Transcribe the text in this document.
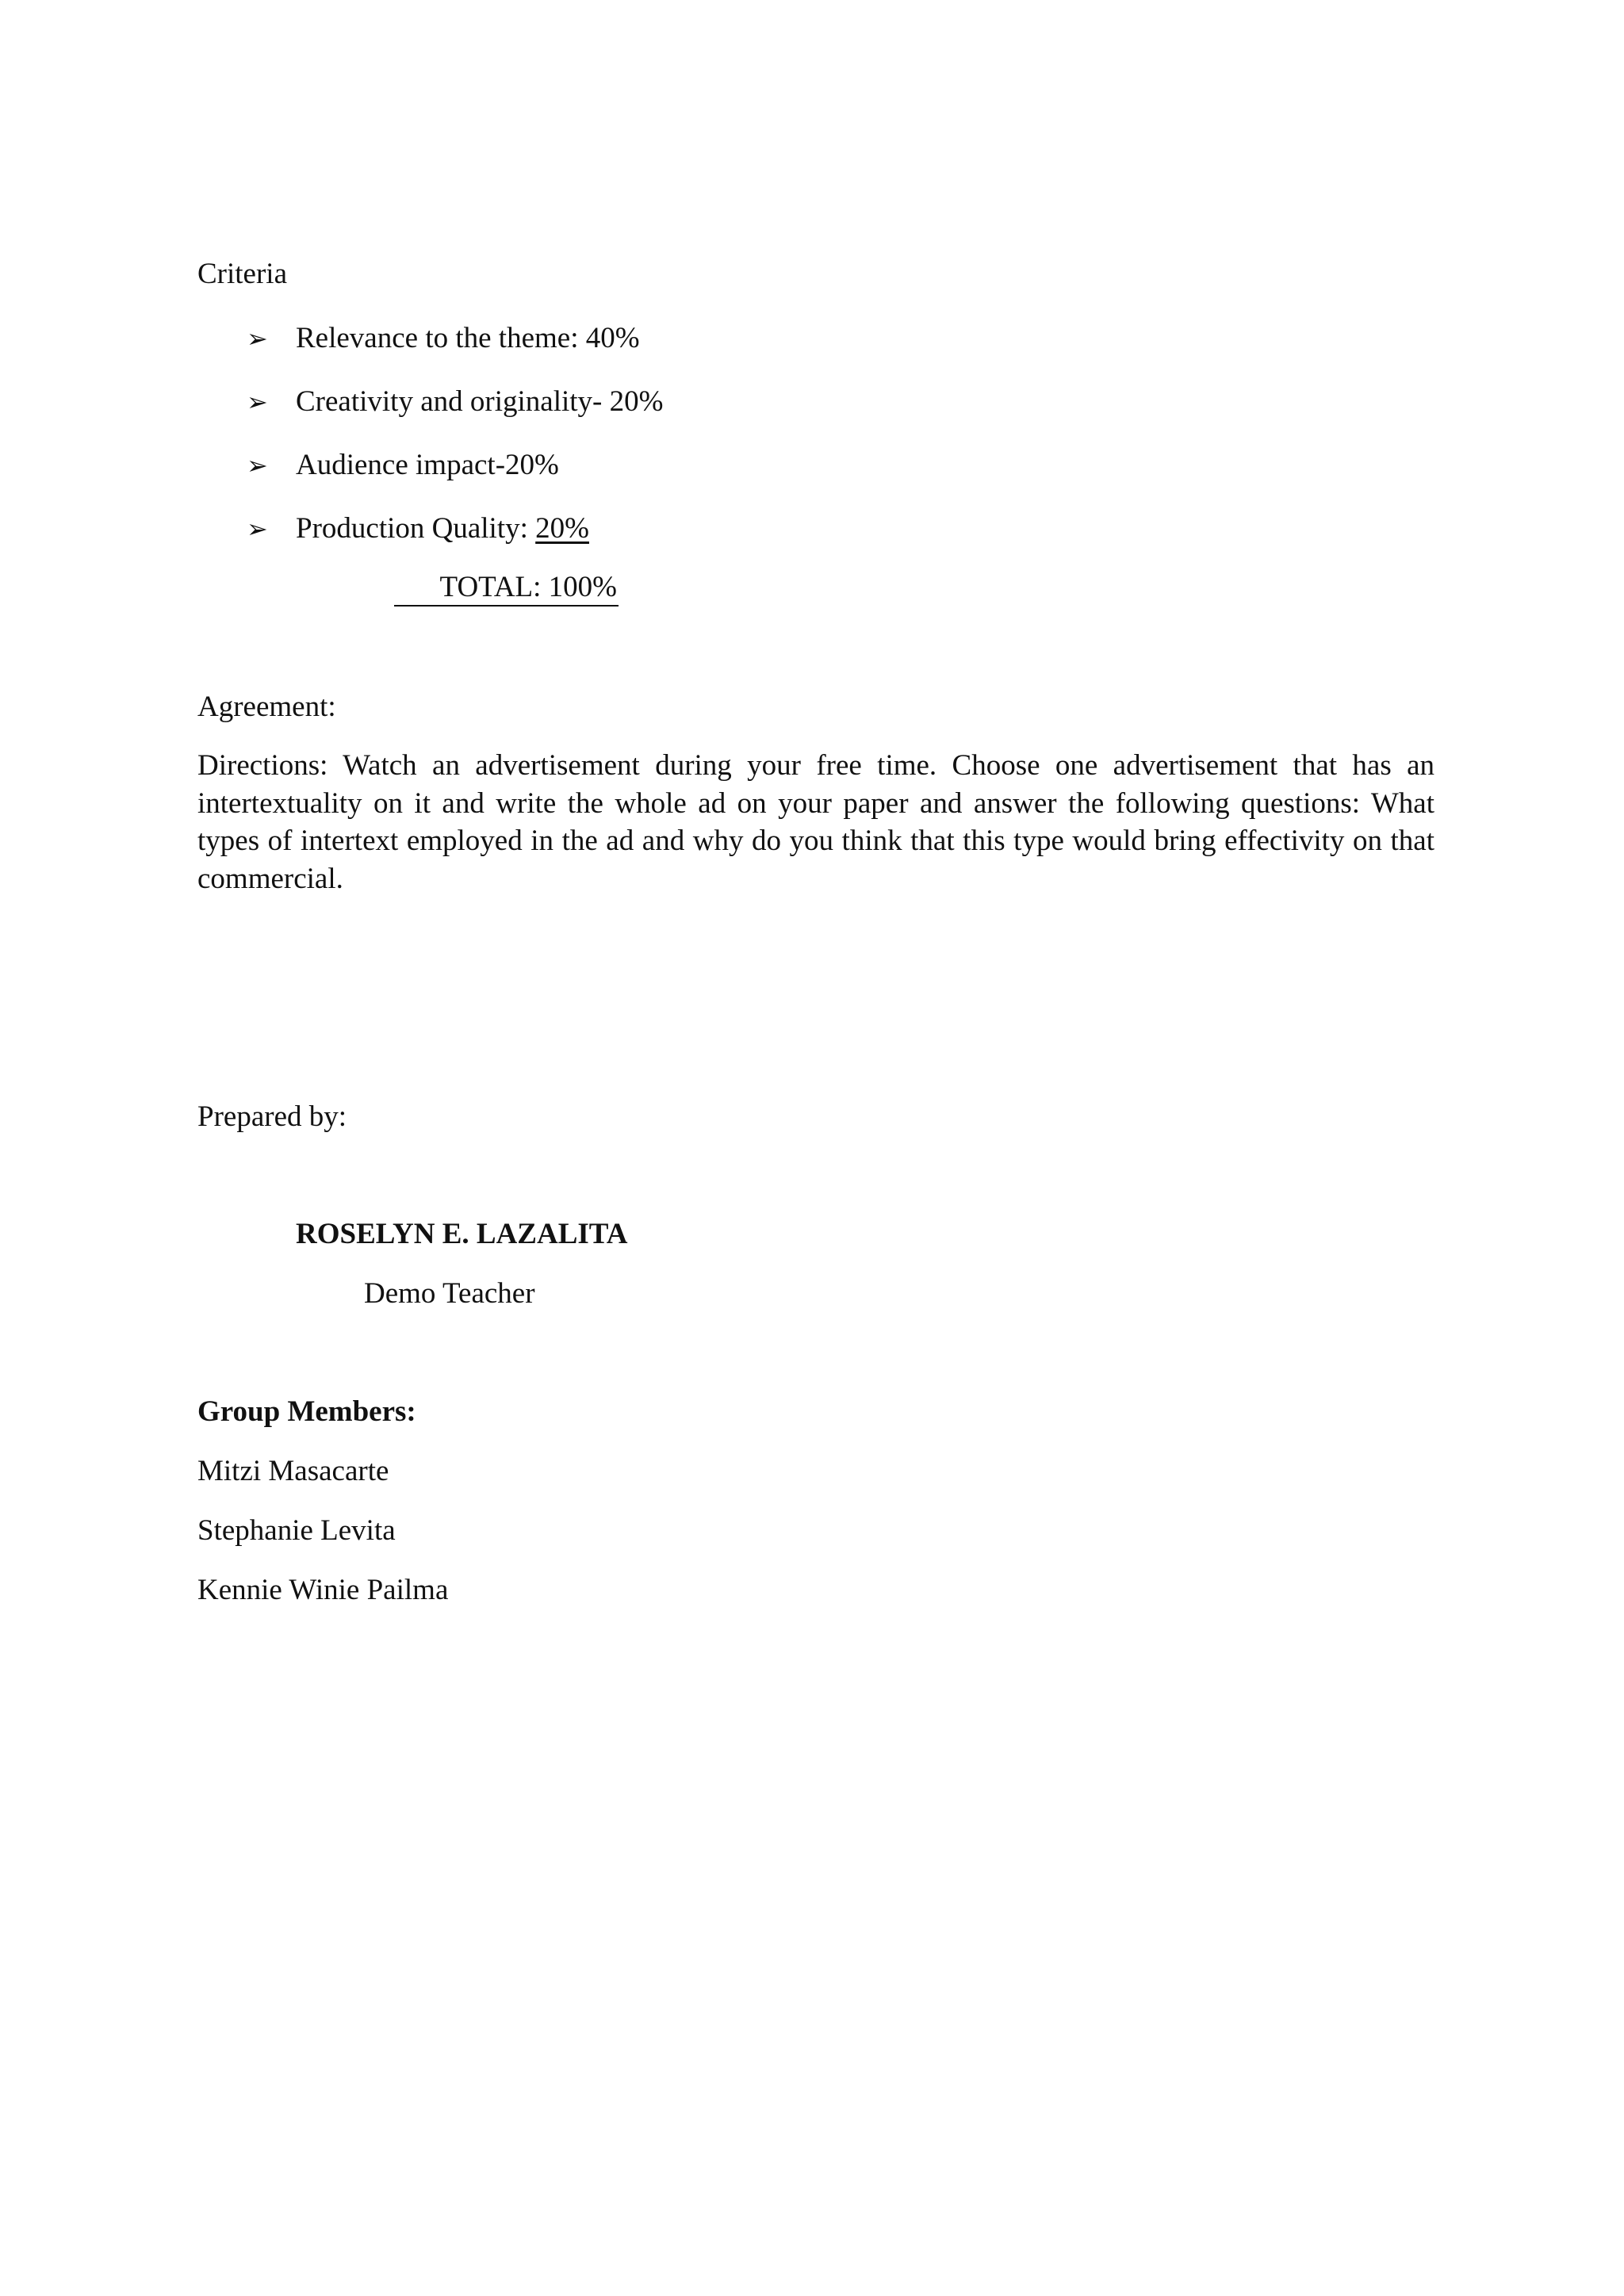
Criteria
➢ Relevance to the theme: 40%
➢ Creativity and originality- 20%
➢ Audience impact-20%
➢ Production Quality: 20%
TOTAL: 100%
Agreement:
Directions: Watch an advertisement during your free time. Choose one advertisement that has an intertextuality on it and write the whole ad on your paper and answer the following questions: What types of intertext employed in the ad and why do you think that this type would bring effectivity on that commercial.
Prepared by:
ROSELYN E. LAZALITA
Demo Teacher
Group Members:
Mitzi Masacarte
Stephanie Levita
Kennie Winie Pailma
